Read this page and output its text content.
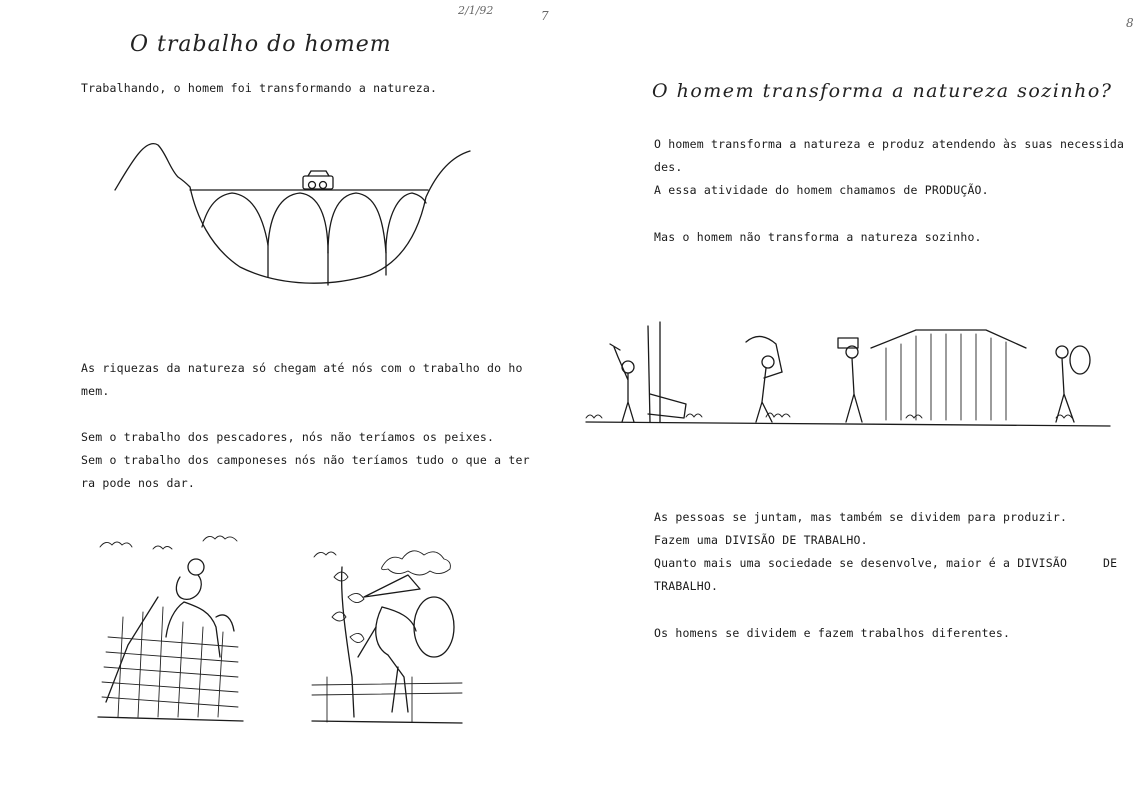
2/1/92	7
O trabalho do homem
Trabalhando, o homem foi transformando a natureza.
As riquezas da natureza só chegam até nós com o trabalho do ho
mem.
Sem o trabalho dos pescadores, nós não teríamos os peixes.
Sem o trabalho dos camponeses nós não teríamos tudo o que a ter
ra pode nos dar.
8
O homem transforma a natureza sozinho?
O homem transforma a natureza e produz atendendo às suas necessida
des.
A essa atividade do homem chamamos de PRODUÇÃO.
Mas o homem não transforma a natureza sozinho.
As pessoas se juntam, mas também se dividem para produzir.
Fazem uma DIVISÃO DE TRABALHO.
Quanto mais uma sociedade se desenvolve, maior é a DIVISÃO	DE
TRABALHO.
Os homens se dividem e fazem trabalhos diferentes.
